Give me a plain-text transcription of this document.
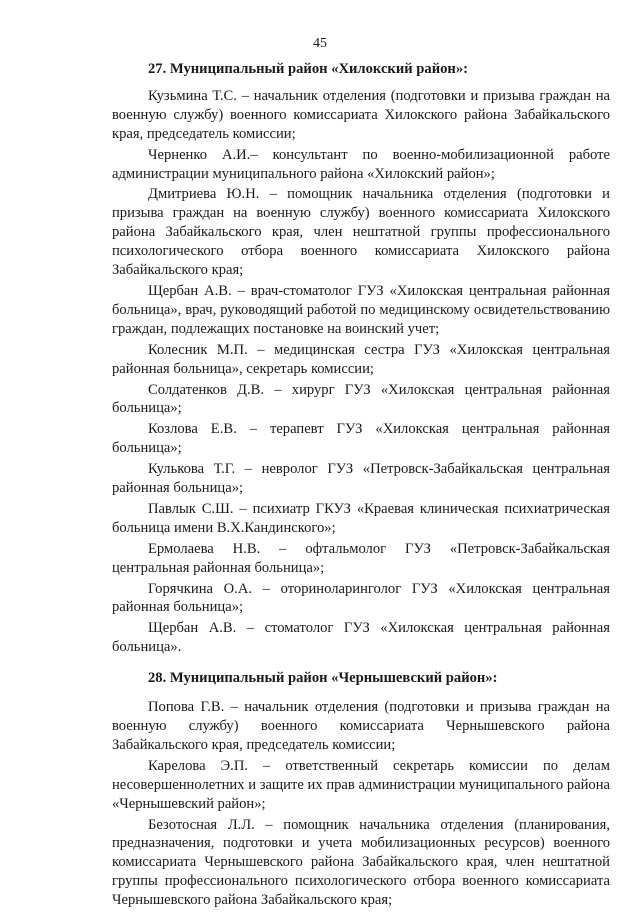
45

27. Муниципальный район «Хилокский район»:

Кузьмина Т.С. – начальник отделения (подготовки и призыва граждан на военную службу) военного комиссариата Хилокского района Забайкальского края, председатель комиссии;

Черненко А.И.– консультант по военно-мобилизационной работе администрации муниципального района «Хилокский район»;

Дмитриева Ю.Н. – помощник начальника отделения (подготовки и призыва граждан на военную службу) военного комиссариата Хилокского района Забайкальского края, член нештатной группы профессионального психологического отбора военного комиссариата Хилокского района Забайкальского края;

Щербан А.В. – врач-стоматолог ГУЗ «Хилокская центральная районная больница», врач, руководящий работой по медицинскому освидетельствованию граждан, подлежащих постановке на воинский учет;

Колесник М.П. – медицинская сестра ГУЗ «Хилокская центральная районная больница», секретарь комиссии;

Солдатенков Д.В. – хирург ГУЗ «Хилокская центральная районная больница»;

Козлова Е.В. – терапевт ГУЗ «Хилокская центральная районная больница»;

Кулькова Т.Г. – невролог ГУЗ «Петровск-Забайкальская центральная районная больница»;

Павлык С.Ш. – психиатр ГКУЗ «Краевая клиническая психиатрическая больница имени В.Х.Кандинского»;

Ермолаева Н.В. – офтальмолог ГУЗ «Петровск-Забайкальская центральная районная больница»;

Горячкина О.А. – оториноларинголог ГУЗ «Хилокская центральная районная больница»;

Щербан А.В. – стоматолог ГУЗ «Хилокская центральная районная больница».

28. Муниципальный район «Чернышевский район»:

Попова Г.В. – начальник отделения (подготовки и призыва граждан на военную службу) военного комиссариата Чернышевского района Забайкальского края, председатель комиссии;

Карелова Э.П. – ответственный секретарь комиссии по делам несовершеннолетних и защите их прав администрации муниципального района «Чернышевский район»;

Безотосная Л.Л. – помощник начальника отделения (планирования, предназначения, подготовки и учета мобилизационных ресурсов) военного комиссариата Чернышевского района Забайкальского края, член нештатной группы профессионального психологического отбора военного комиссариата Чернышевского района Забайкальского края;
